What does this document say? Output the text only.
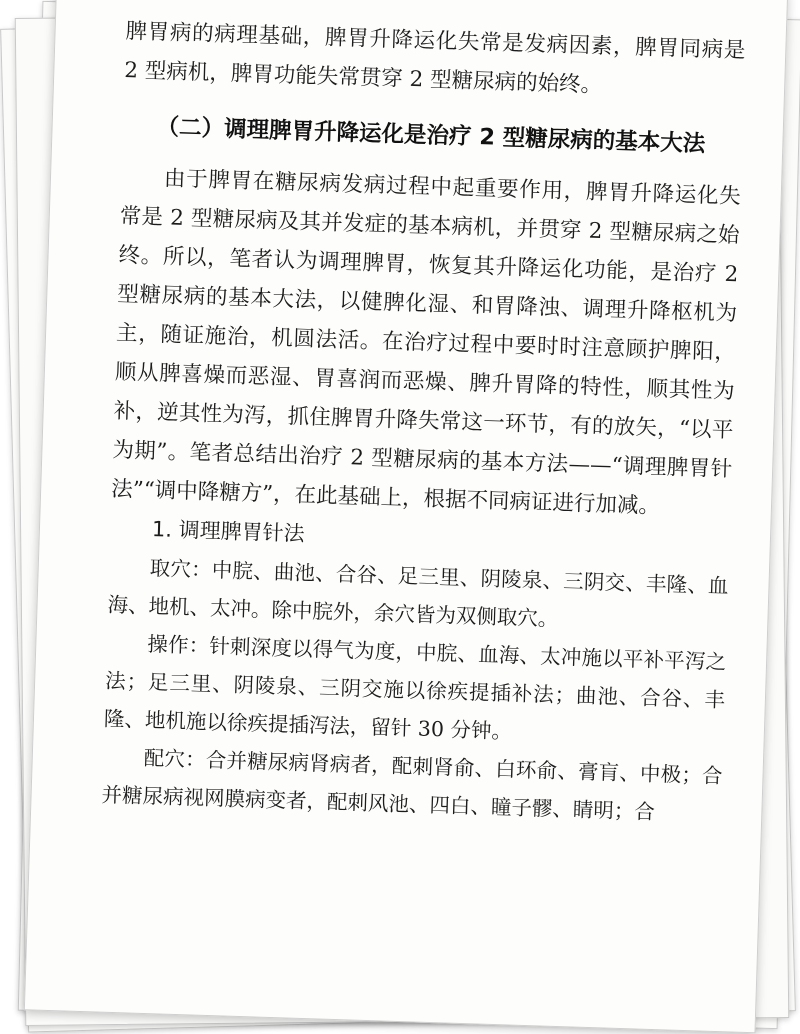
脾胃病的病理基础，脾胃升降运化失常是发病因素，脾胃同病是 2 型病机，脾胃功能失常贯穿 2 型糖尿病的始终。

（二）调理脾胃升降运化是治疗 2 型糖尿病的基本大法

由于脾胃在糖尿病发病过程中起重要作用，脾胃升降运化失常是 2 型糖尿病及其并发症的基本病机，并贯穿 2 型糖尿病之始终。所以，笔者认为调理脾胃，恢复其升降运化功能，是治疗 2 型糖尿病的基本大法，以健脾化湿、和胃降浊、调理升降枢机为主，随证施治，机圆法活。在治疗过程中要时时注意顾护脾阳，顺从脾喜燥而恶湿、胃喜润而恶燥、脾升胃降的特性，顺其性为补，逆其性为泻，抓住脾胃升降失常这一环节，有的放矢，“以平为期”。笔者总结出治疗 2 型糖尿病的基本方法——“调理脾胃针法”“调中降糖方”，在此基础上，根据不同病证进行加减。

1. 调理脾胃针法

取穴：中脘、曲池、合谷、足三里、阴陵泉、三阴交、丰隆、血海、地机、太冲。除中脘外，余穴皆为双侧取穴。

操作：针刺深度以得气为度，中脘、血海、太冲施以平补平泻之法；足三里、阴陵泉、三阴交施以徐疾提插补法；曲池、合谷、丰隆、地机施以徐疾提插泻法，留针 30 分钟。

配穴：合并糖尿病肾病者，配刺肾俞、白环俞、膏肓、中极；合并糖尿病视网膜病变者，配刺风池、四白、瞳子髎、睛明；合
